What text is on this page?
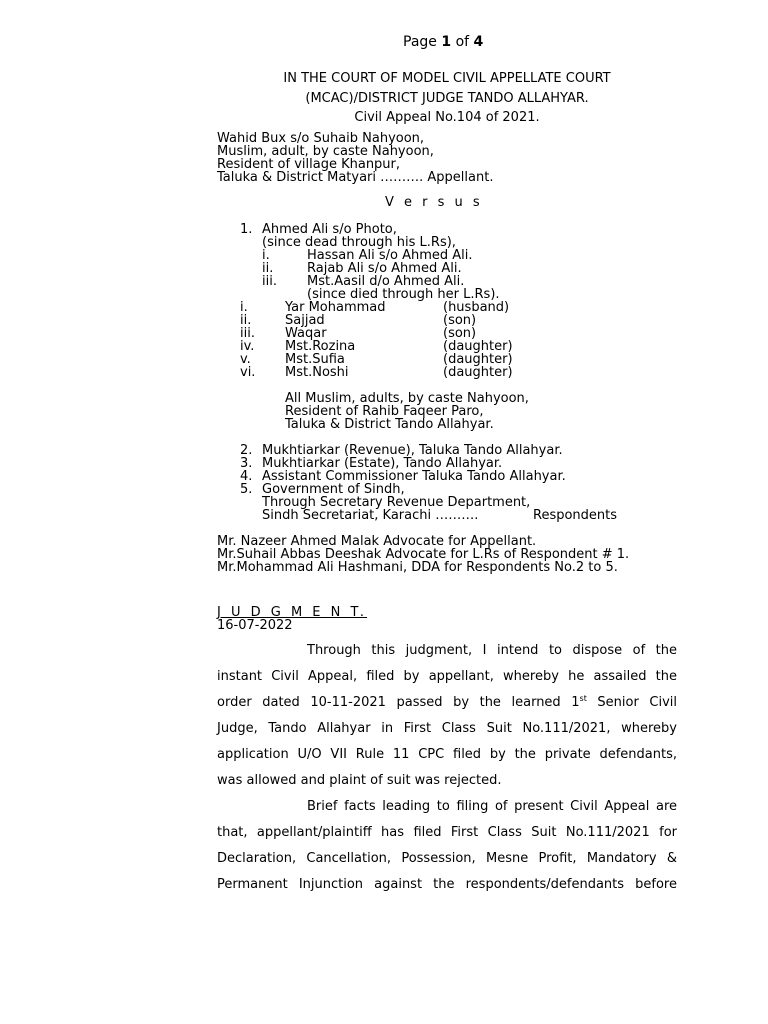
Page 1 of 4
IN THE COURT OF MODEL CIVIL APPELLATE COURT
(MCAC)/DISTRICT JUDGE TANDO ALLAHYAR.
Civil Appeal No.104 of 2021.
Wahid Bux s/o Suhaib Nahyoon,
Muslim, adult, by caste Nahyoon,
Resident of village Khanpur,
Taluka & District Matyari ………. Appellant.
V e r s u s
1. Ahmed Ali s/o Photo,
(since dead through his L.Rs),
i.	Hassan Ali s/o Ahmed Ali.
ii.	Rajab Ali s/o Ahmed Ali.
iii. Mst.Aasil d/o Ahmed Ali.
(since died through her L.Rs).
i.	Yar Mohammad	(husband)
ii.	Sajjad	(son)
iii. Waqar	(son)
iv. Mst.Rozina	(daughter)
v.	Mst.Sufia	(daughter)
vi. Mst.Noshi	(daughter)
All Muslim, adults, by caste Nahyoon,
Resident of Rahib Faqeer Paro,
Taluka & District Tando Allahyar.
2. Mukhtiarkar (Revenue), Taluka Tando Allahyar.
3. Mukhtiarkar (Estate), Tando Allahyar.
4. Assistant Commissioner Taluka Tando Allahyar.
5. Government of Sindh,
Through Secretary Revenue Department,
Sindh Secretariat, Karachi ……….	Respondents
Mr. Nazeer Ahmed Malak Advocate for Appellant.
Mr.Suhail Abbas Deeshak Advocate for L.Rs of Respondent # 1.
Mr.Mohammad Ali Hashmani, DDA for Respondents No.2 to 5.
J U D G M E N T.
16-07-2022
Through this judgment, I intend to dispose of the
instant Civil Appeal, filed by appellant, whereby he assailed the
order dated 10-11-2021 passed by the learned 1st Senior Civil
Judge, Tando Allahyar in First Class Suit No.111/2021, whereby
application U/O VII Rule 11 CPC filed by the private defendants,
was allowed and plaint of suit was rejected.
Brief facts leading to filing of present Civil Appeal are
that, appellant/plaintiff has filed First Class Suit No.111/2021 for
Declaration, Cancellation, Possession, Mesne Profit, Mandatory &
Permanent Injunction against the respondents/defendants before
